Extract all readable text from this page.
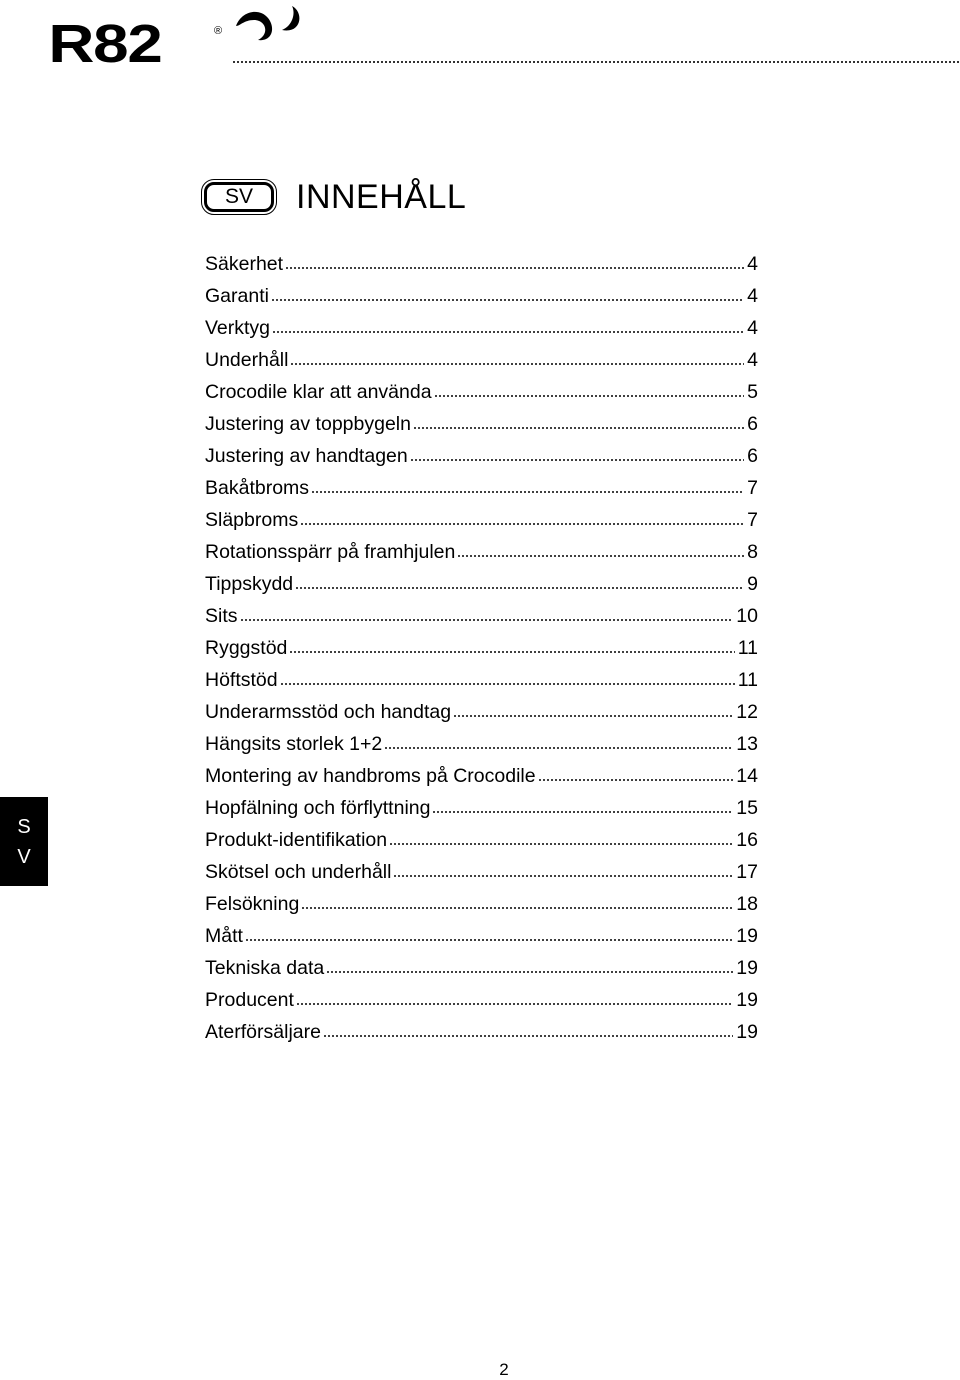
R82	®
SV	INNEHÅLL
Säkerhet	4
Garanti	4
Verktyg	4
Underhåll	4
Crocodile klar att använda	5
Justering av toppbygeln	6
Justering av handtagen	6
Bakåtbroms	7
Släpbroms	7
Rotationsspärr på framhjulen	8
Tippskydd	9
Sits	10
Ryggstöd	11
Höftstöd	11
Underarmsstöd och handtag	12
Hängsits storlek 1+2	13
Montering av handbroms på Crocodile	14
Hopfälning och förflyttning	15
Produkt-identifikation	16
Skötsel och underhåll	17
Felsökning	18
Mått	19
Tekniska data	19
Producent	19
Aterförsäljare	19
S
V
2
